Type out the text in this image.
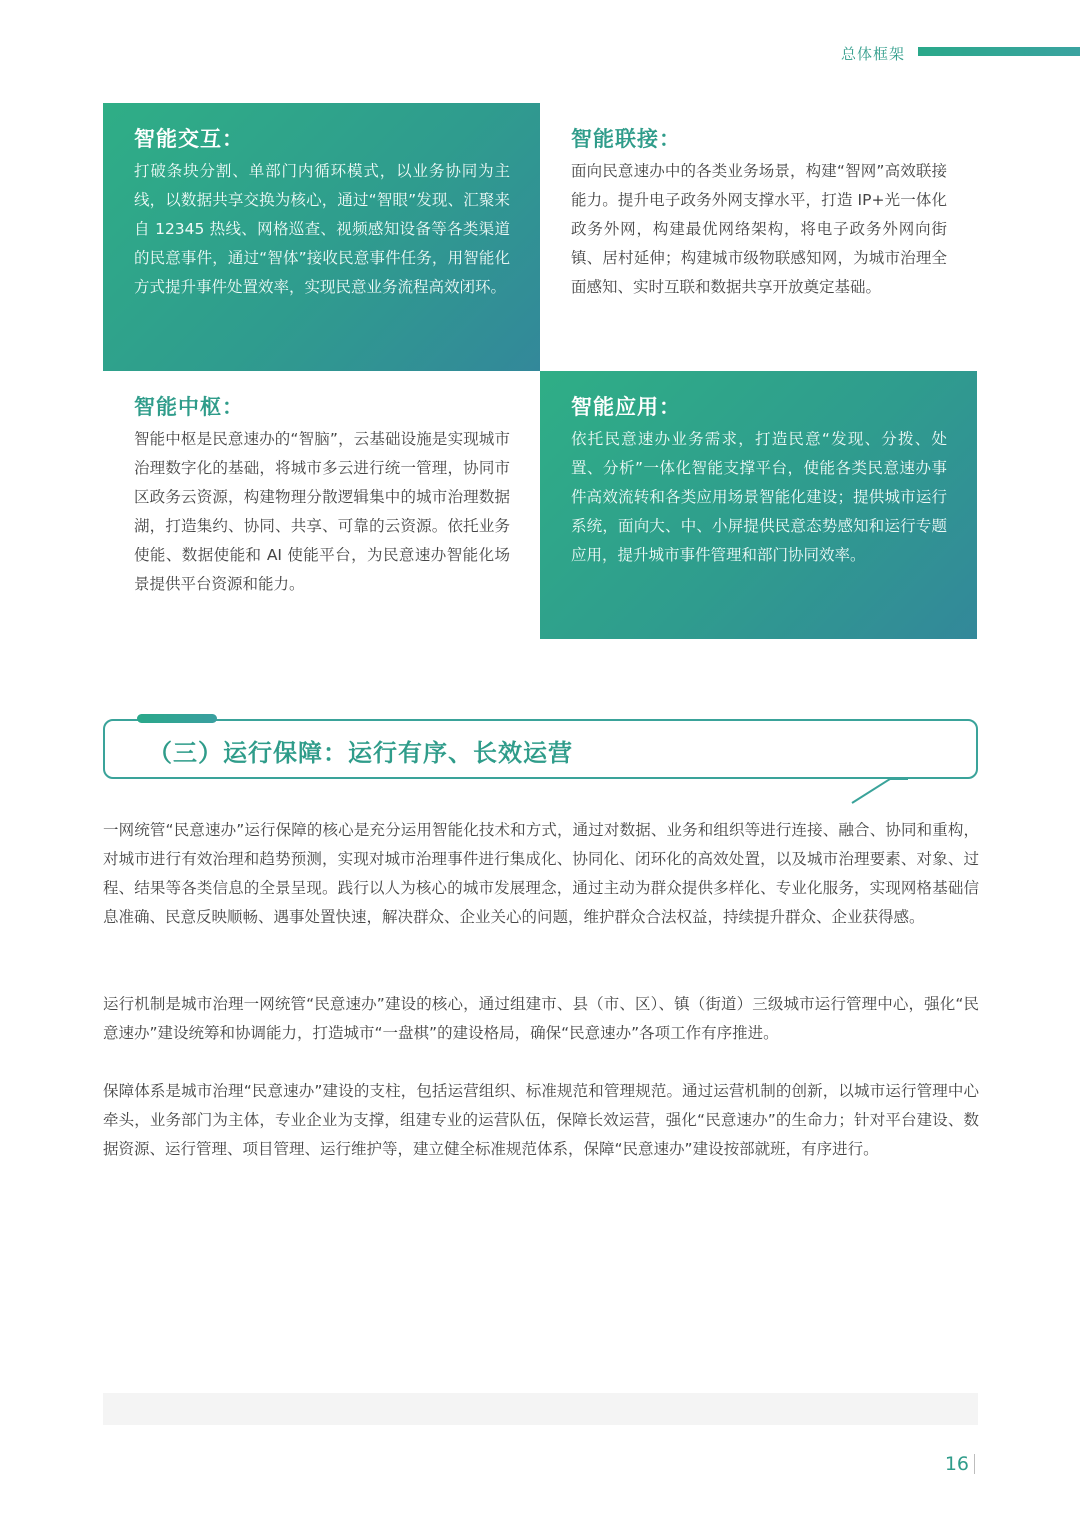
总体框架
智能交互：

打破条块分割、单部门内循环模式，以业务协同为主线，以数据共享交换为核心，通过“智眼”发现、汇聚来自 12345 热线、网格巡查、视频感知设备等各类渠道的民意事件，通过“智体”接收民意事件任务，用智能化方式提升事件处置效率，实现民意业务流程高效闭环。

智能联接：

面向民意速办中的各类业务场景，构建“智网”高效联接能力。提升电子政务外网支撑水平，打造 IP+光一体化政务外网，构建最优网络架构，将电子政务外网向街镇、居村延伸；构建城市级物联感知网，为城市治理全面感知、实时互联和数据共享开放奠定基础。

智能中枢：

智能中枢是民意速办的“智脑”，云基础设施是实现城市治理数字化的基础，将城市多云进行统一管理，协同市区政务云资源，构建物理分散逻辑集中的城市治理数据湖，打造集约、协同、共享、可靠的云资源。依托业务使能、数据使能和 AI 使能平台，为民意速办智能化场景提供平台资源和能力。

智能应用：

依托民意速办业务需求，打造民意“发现、分拨、处置、分析”一体化智能支撑平台，使能各类民意速办事件高效流转和各类应用场景智能化建设；提供城市运行系统，面向大、中、小屏提供民意态势感知和运行专题应用，提升城市事件管理和部门协同效率。

（三）运行保障：运行有序、长效运营

一网统管“民意速办”运行保障的核心是充分运用智能化技术和方式，通过对数据、业务和组织等进行连接、融合、协同和重构，对城市进行有效治理和趋势预测，实现对城市治理事件进行集成化、协同化、闭环化的高效处置，以及城市治理要素、对象、过程、结果等各类信息的全景呈现。践行以人为核心的城市发展理念，通过主动为群众提供多样化、专业化服务，实现网格基础信息准确、民意反映顺畅、遇事处置快速，解决群众、企业关心的问题，维护群众合法权益，持续提升群众、企业获得感。

运行机制是城市治理一网统管“民意速办”建设的核心，通过组建市、县（市、区）、镇（街道）三级城市运行管理中心，强化“民意速办”建设统筹和协调能力，打造城市“一盘棋”的建设格局，确保“民意速办”各项工作有序推进。

保障体系是城市治理“民意速办”建设的支柱，包括运营组织、标准规范和管理规范。通过运营机制的创新，以城市运行管理中心牵头，业务部门为主体，专业企业为支撑，组建专业的运营队伍，保障长效运营，强化“民意速办”的生命力；针对平台建设、数据资源、运行管理、项目管理、运行维护等，建立健全标准规范体系，保障“民意速办”建设按部就班，有序进行。

16
